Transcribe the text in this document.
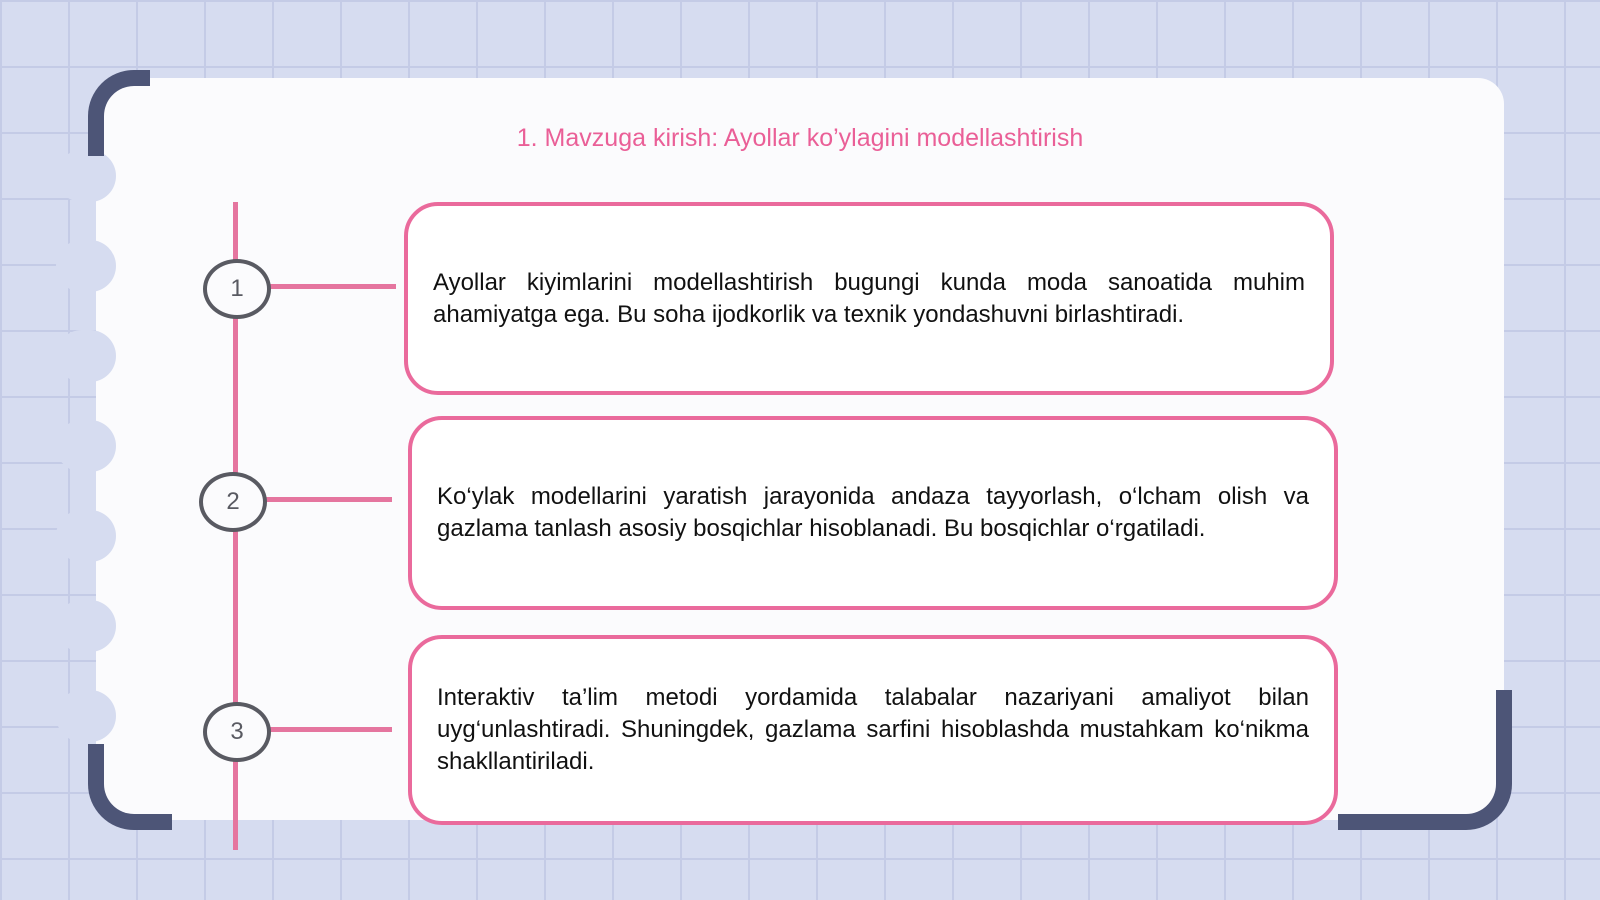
1. Mavzuga kirish: Ayollar ko’ylagini modellashtirish
1	Ayollar kiyimlarini modellashtirish bugungi kunda moda sanoatida muhim ahamiyatga ega. Bu soha ijodkorlik va texnik yondashuvni birlashtiradi.

2	Ko‘ylak modellarini yaratish jarayonida andaza tayyorlash, o‘lcham olish va gazlama tanlash asosiy bosqichlar hisoblanadi. Bu bosqichlar o‘rgatiladi.

3

Interaktiv ta’lim metodi yordamida talabalar nazariyani amaliyot bilan uyg‘unlashtiradi. Shuningdek, gazlama sarfini hisoblashda mustahkam ko‘nikma shakllantiriladi.
